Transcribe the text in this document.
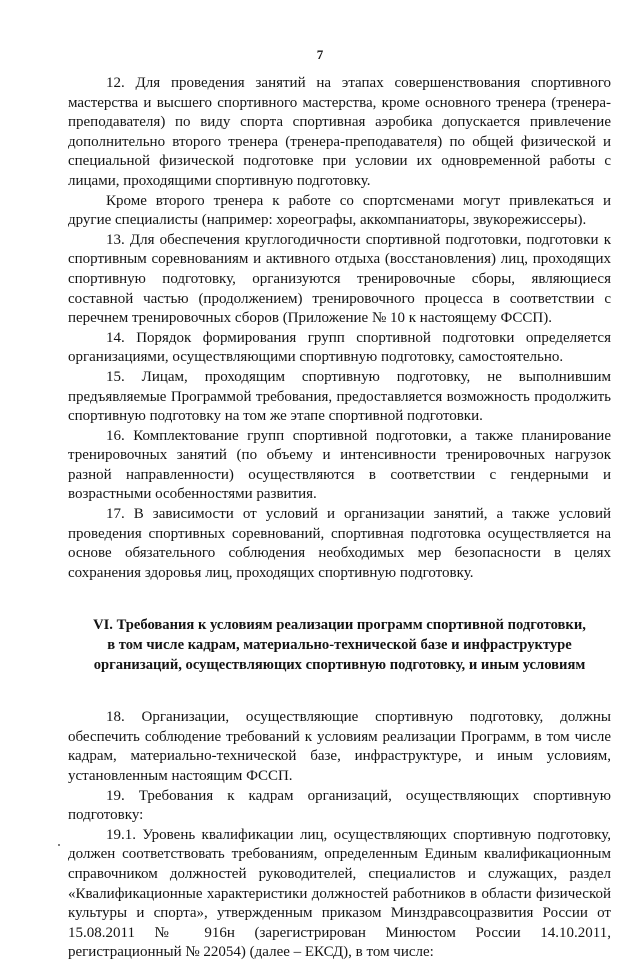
7

12. Для проведения занятий на этапах совершенствования спортивного мастерства и высшего спортивного мастерства, кроме основного тренера (тренера-преподавателя) по виду спорта спортивная аэробика допускается привлечение дополнительно второго тренера (тренера-преподавателя) по общей физической и специальной физической подготовке при условии их одновременной работы с лицами, проходящими спортивную подготовку.

Кроме второго тренера к работе со спортсменами могут привлекаться и другие специалисты (например: хореографы, аккомпаниаторы, звукорежиссеры).

13. Для обеспечения круглогодичности спортивной подготовки, подготовки к спортивным соревнованиям и активного отдыха (восстановления) лиц, проходящих спортивную подготовку, организуются тренировочные сборы, являющиеся составной частью (продолжением) тренировочного процесса в соответствии с перечнем тренировочных сборов (Приложение № 10 к настоящему ФССП).

14. Порядок формирования групп спортивной подготовки определяется организациями, осуществляющими спортивную подготовку, самостоятельно.

15. Лицам, проходящим спортивную подготовку, не выполнившим предъявляемые Программой требования, предоставляется возможность продолжить спортивную подготовку на том же этапе спортивной подготовки.

16. Комплектование групп спортивной подготовки, а также планирование тренировочных занятий (по объему и интенсивности тренировочных нагрузок разной направленности) осуществляются в соответствии с гендерными и возрастными особенностями развития.

17. В зависимости от условий и организации занятий, а также условий проведения спортивных соревнований, спортивная подготовка осуществляется на основе обязательного соблюдения необходимых мер безопасности в целях сохранения здоровья лиц, проходящих спортивную подготовку.

VI. Требования к условиям реализации программ спортивной подготовки,
в том числе кадрам, материально-технической базе и инфраструктуре
организаций, осуществляющих спортивную подготовку, и иным условиям

18. Организации, осуществляющие спортивную подготовку, должны обеспечить соблюдение требований к условиям реализации Программ, в том числе кадрам, материально-технической базе, инфраструктуре, и иным условиям, установленным настоящим ФССП.

19. Требования к кадрам организаций, осуществляющих спортивную подготовку:

19.1. Уровень квалификации лиц, осуществляющих спортивную подготовку, должен соответствовать требованиям, определенным Единым квалификационным справочником должностей руководителей, специалистов и служащих, раздел «Квалификационные характеристики должностей работников в области физической культуры и спорта», утвержденным приказом Минздравсоцразвития России от 15.08.2011 № 916н (зарегистрирован Минюстом России 14.10.2011, регистрационный № 22054) (далее – ЕКСД), в том числе:
